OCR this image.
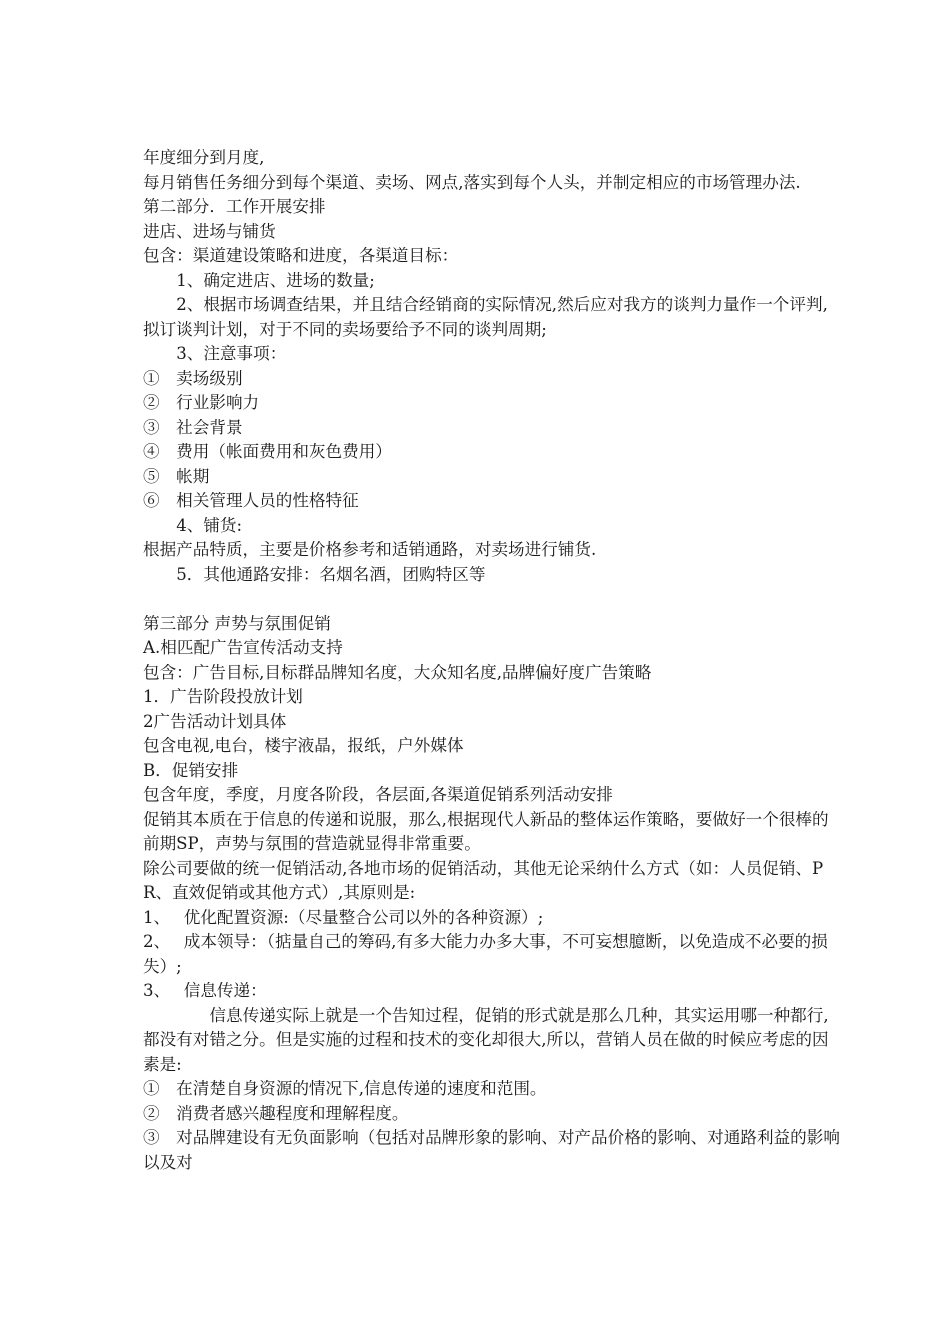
年度细分到月度,

每月销售任务细分到每个渠道、卖场、网点,落实到每个人头，并制定相应的市场管理办法.

第二部分．工作开展安排

进店、进场与铺货

包含：渠道建设策略和进度，各渠道目标：

1、确定进店、进场的数量;

2、根据市场调查结果，并且结合经销商的实际情况,然后应对我方的谈判力量作一个评判,拟订谈判计划，对于不同的卖场要给予不同的谈判周期;

3、注意事项：

①　卖场级别

②　行业影响力

③　社会背景

④　费用（帐面费用和灰色费用）

⑤　帐期

⑥　相关管理人员的性格特征

4、铺货:

根据产品特质，主要是价格参考和适销通路，对卖场进行铺货.

5．其他通路安排：名烟名酒，团购特区等

第三部分 声势与氛围促销

A.相匹配广告宣传活动支持

包含：广告目标,目标群品牌知名度，大众知名度,品牌偏好度广告策略

1．广告阶段投放计划

2广告活动计划具体

包含电视,电台，楼宇液晶，报纸，户外媒体

B．促销安排

包含年度，季度，月度各阶段，各层面,各渠道促销系列活动安排

促销其本质在于信息的传递和说服，那么,根据现代人新品的整体运作策略，要做好一个很棒的前期SP，声势与氛围的营造就显得非常重要。

除公司要做的统一促销活动,各地市场的促销活动，其他无论采纳什么方式（如：人员促销、PR、直效促销或其他方式）,其原则是:

1、　 优化配置资源:（尽量整合公司以外的各种资源）;

2、　 成本领导：（掂量自己的筹码,有多大能力办多大事，不可妄想臆断，以免造成不必要的损失）;

3、　 信息传递：

信息传递实际上就是一个告知过程，促销的形式就是那么几种，其实运用哪一种都行,都没有对错之分。但是实施的过程和技术的变化却很大,所以，营销人员在做的时候应考虑的因素是:

①　在清楚自身资源的情况下,信息传递的速度和范围。

②　消费者感兴趣程度和理解程度。

③　对品牌建设有无负面影响（包括对品牌形象的影响、对产品价格的影响、对通路利益的影响以及对
